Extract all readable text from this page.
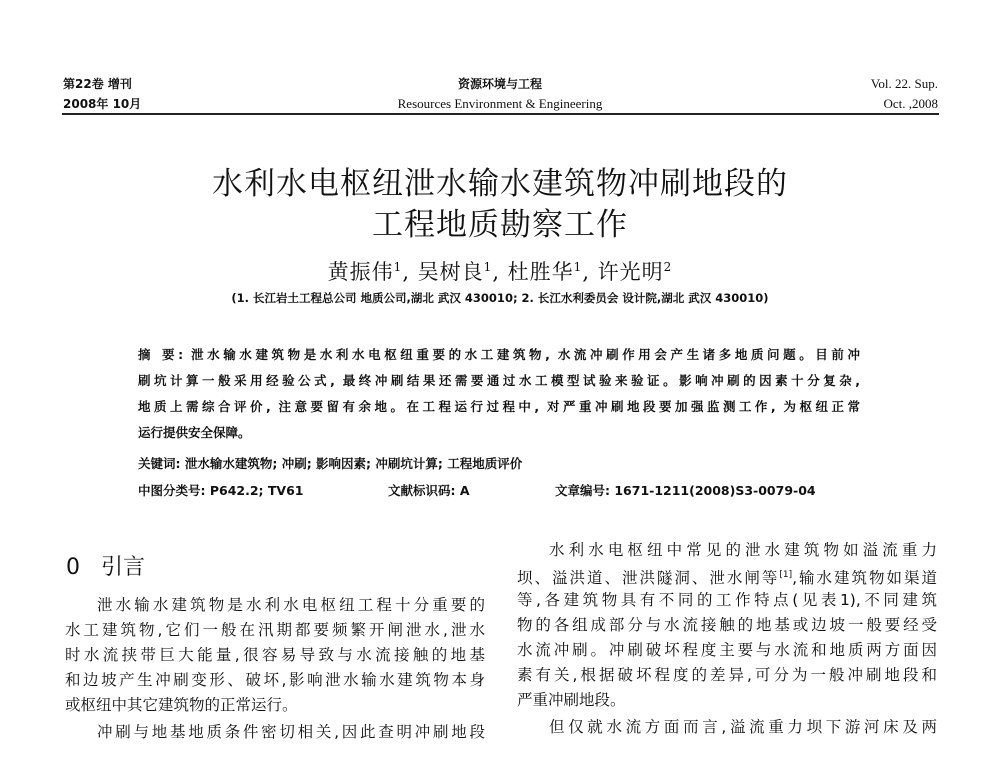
第22卷 增刊
2008年 10月
资源环境与工程
Resources Environment & Engineering
Vol. 22. Sup.
Oct. ,2008
水利水电枢纽泄水输水建筑物冲刷地段的
工程地质勘察工作
黄振伟$^1$, 吴树良$^1$, 杜胜华$^1$, 许光明$^2$
(1. 长江岩土工程总公司 地质公司,湖北 武汉 430010; 2. 长江水利委员会 设计院,湖北 武汉 430010)
摘 要: 泄水输水建筑物是水利水电枢纽重要的水工建筑物, 水流冲刷作用会产生诸多地质问题。目前冲
刷坑计算一般采用经验公式, 最终冲刷结果还需要通过水工模型试验来验证。影响冲刷的因素十分复杂,
地质上需综合评价, 注意要留有余地。在工程运行过程中, 对严重冲刷地段要加强监测工作, 为枢纽正常
运行提供安全保障。
关键词: 泄水输水建筑物; 冲刷; 影响因素; 冲刷坑计算; 工程地质评价
中图分类号: P642.2; TV61	文献标识码: A	文章编号: 1671-1211(2008)S3-0079-04
0 引言
泄水输水建筑物是水利水电枢纽工程十分重要的
水工建筑物,它们一般在汛期都要频繁开闸泄水,泄水
时水流挟带巨大能量,很容易导致与水流接触的地基
和边坡产生冲刷变形、破坏,影响泄水输水建筑物本身
或枢纽中其它建筑物的正常运行。
冲刷与地基地质条件密切相关,因此查明冲刷地段
水利水电枢纽中常见的泄水建筑物如溢流重力
坝、溢洪道、泄洪隧洞、泄水闸等[1],输水建筑物如渠道
等,各建筑物具有不同的工作特点(见表1),不同建筑
物的各组成部分与水流接触的地基或边坡一般要经受
水流冲刷。冲刷破坏程度主要与水流和地质两方面因
素有关,根据破坏程度的差异,可分为一般冲刷地段和
严重冲刷地段。
但仅就水流方面而言,溢流重力坝下游河床及两
